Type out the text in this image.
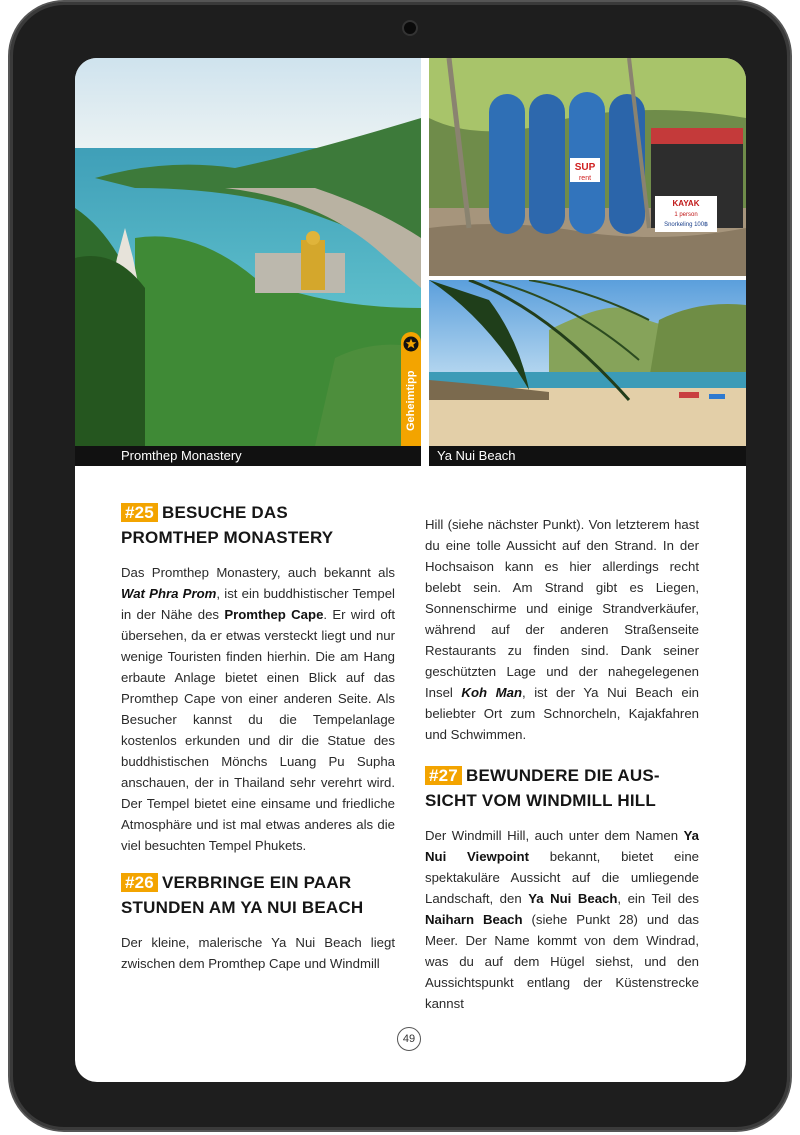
Geheimtipp
SUP
rent
KAYAK
1 person
Snorkeling 100฿
Promthep Monastery	Ya Nui Beach
#25 BESUCHE DAS
PROMTHEP MONASTERY

Das Promthep Monastery, auch bekannt als Wat Phra Prom, ist ein buddhistischer Tempel in der Nähe des Promthep Cape. Er wird oft übersehen, da er etwas versteckt liegt und nur wenige Touristen finden hierhin. Die am Hang erbaute Anlage bietet einen Blick auf das Promthep Cape von einer anderen Seite. Als Besucher kannst du die Tempelanlage kostenlos erkunden und dir die Statue des buddhistischen Mönchs Luang Pu Supha anschauen, der in Thailand sehr verehrt wird. Der Tempel bietet eine einsame und friedliche Atmosphäre und ist mal etwas anderes als die viel besuchten Tempel Phukets.

#26 VERBRINGE EIN PAAR
STUNDEN AM YA NUI BEACH

Der kleine, malerische Ya Nui Beach liegt zwischen dem Promthep Cape und Windmill

Hill (siehe nächster Punkt). Von letzterem hast du eine tolle Aussicht auf den Strand. In der Hochsaison kann es hier allerdings recht belebt sein. Am Strand gibt es Liegen, Sonnenschirme und einige Strandverkäufer, während auf der anderen Straßenseite Restaurants zu finden sind. Dank seiner geschützten Lage und der nahegelegenen Insel Koh Man, ist der Ya Nui Beach ein beliebter Ort zum Schnorcheln, Kajakfahren und Schwimmen.

#27 BEWUNDERE DIE AUS-
SICHT VOM WINDMILL HILL

Der Windmill Hill, auch unter dem Namen Ya Nui Viewpoint bekannt, bietet eine spektakuläre Aussicht auf die umliegende Landschaft, den Ya Nui Beach, ein Teil des Naiharn Beach (siehe Punkt 28) und das Meer. Der Name kommt von dem Windrad, was du auf dem Hügel siehst, und den Aussichtspunkt entlang der Küstenstrecke kannst

49
